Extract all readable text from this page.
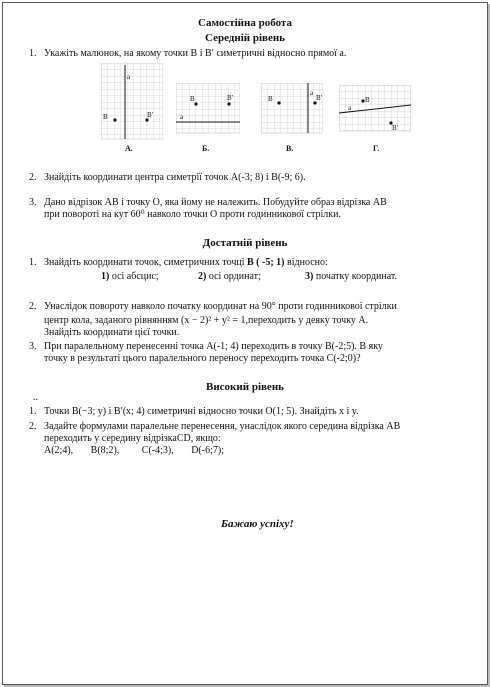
Самостійна робота
Середній рівень
1. Укажіть малюнок, на якому точки B і B′ симетричні відносно прямої a.
a
B	B′
A.
B	B′
a
Б.
B	B′
a
В.
a
B
B′
Г.
2. Знайдіть координати центра симетрії точок А(-3; 8) і В(-9; 6).
3. Дано відрізок АВ і точку О, яка йому не належить. Побудуйте образ відрізка АВ
при повороті на кут 60⁰ навколо точки О проти годинникової стрілки.
Достатній рівень
1. Знайдіть координати точок, симетричних точці В ( -5; 1) відносно:
1) осі абсцис;	2) осі ординат;	3) початку координат.
2. Унаслідок повороту навколо початку координат на 90° проти годинникової стрілки
центр кола, заданого рівнянням (x − 2)² + y² = 1,переходить у деяку точку А.
Знайдіть координати цієї точки.
3. При паралельному перенесенні точка А(-1; 4) переходить в точку В(-2;5). В яку
точку в результаті цього паралельного переносу переходить точка С(-2;0)?
Високий рівень
..
1. Точки B(−3; y) і B′(x; 4) симетричні відносно точки O(1; 5). Знайдіть x і y.
2. Задайте формулами паралельне перенесення, унаслідок якого середина відрізка АВ
переходить у середину відрізкаCD, якщо:
A(2;4),       B(8;2),         C(-4;3),       D(-6;7);
Бажаю успіху!
